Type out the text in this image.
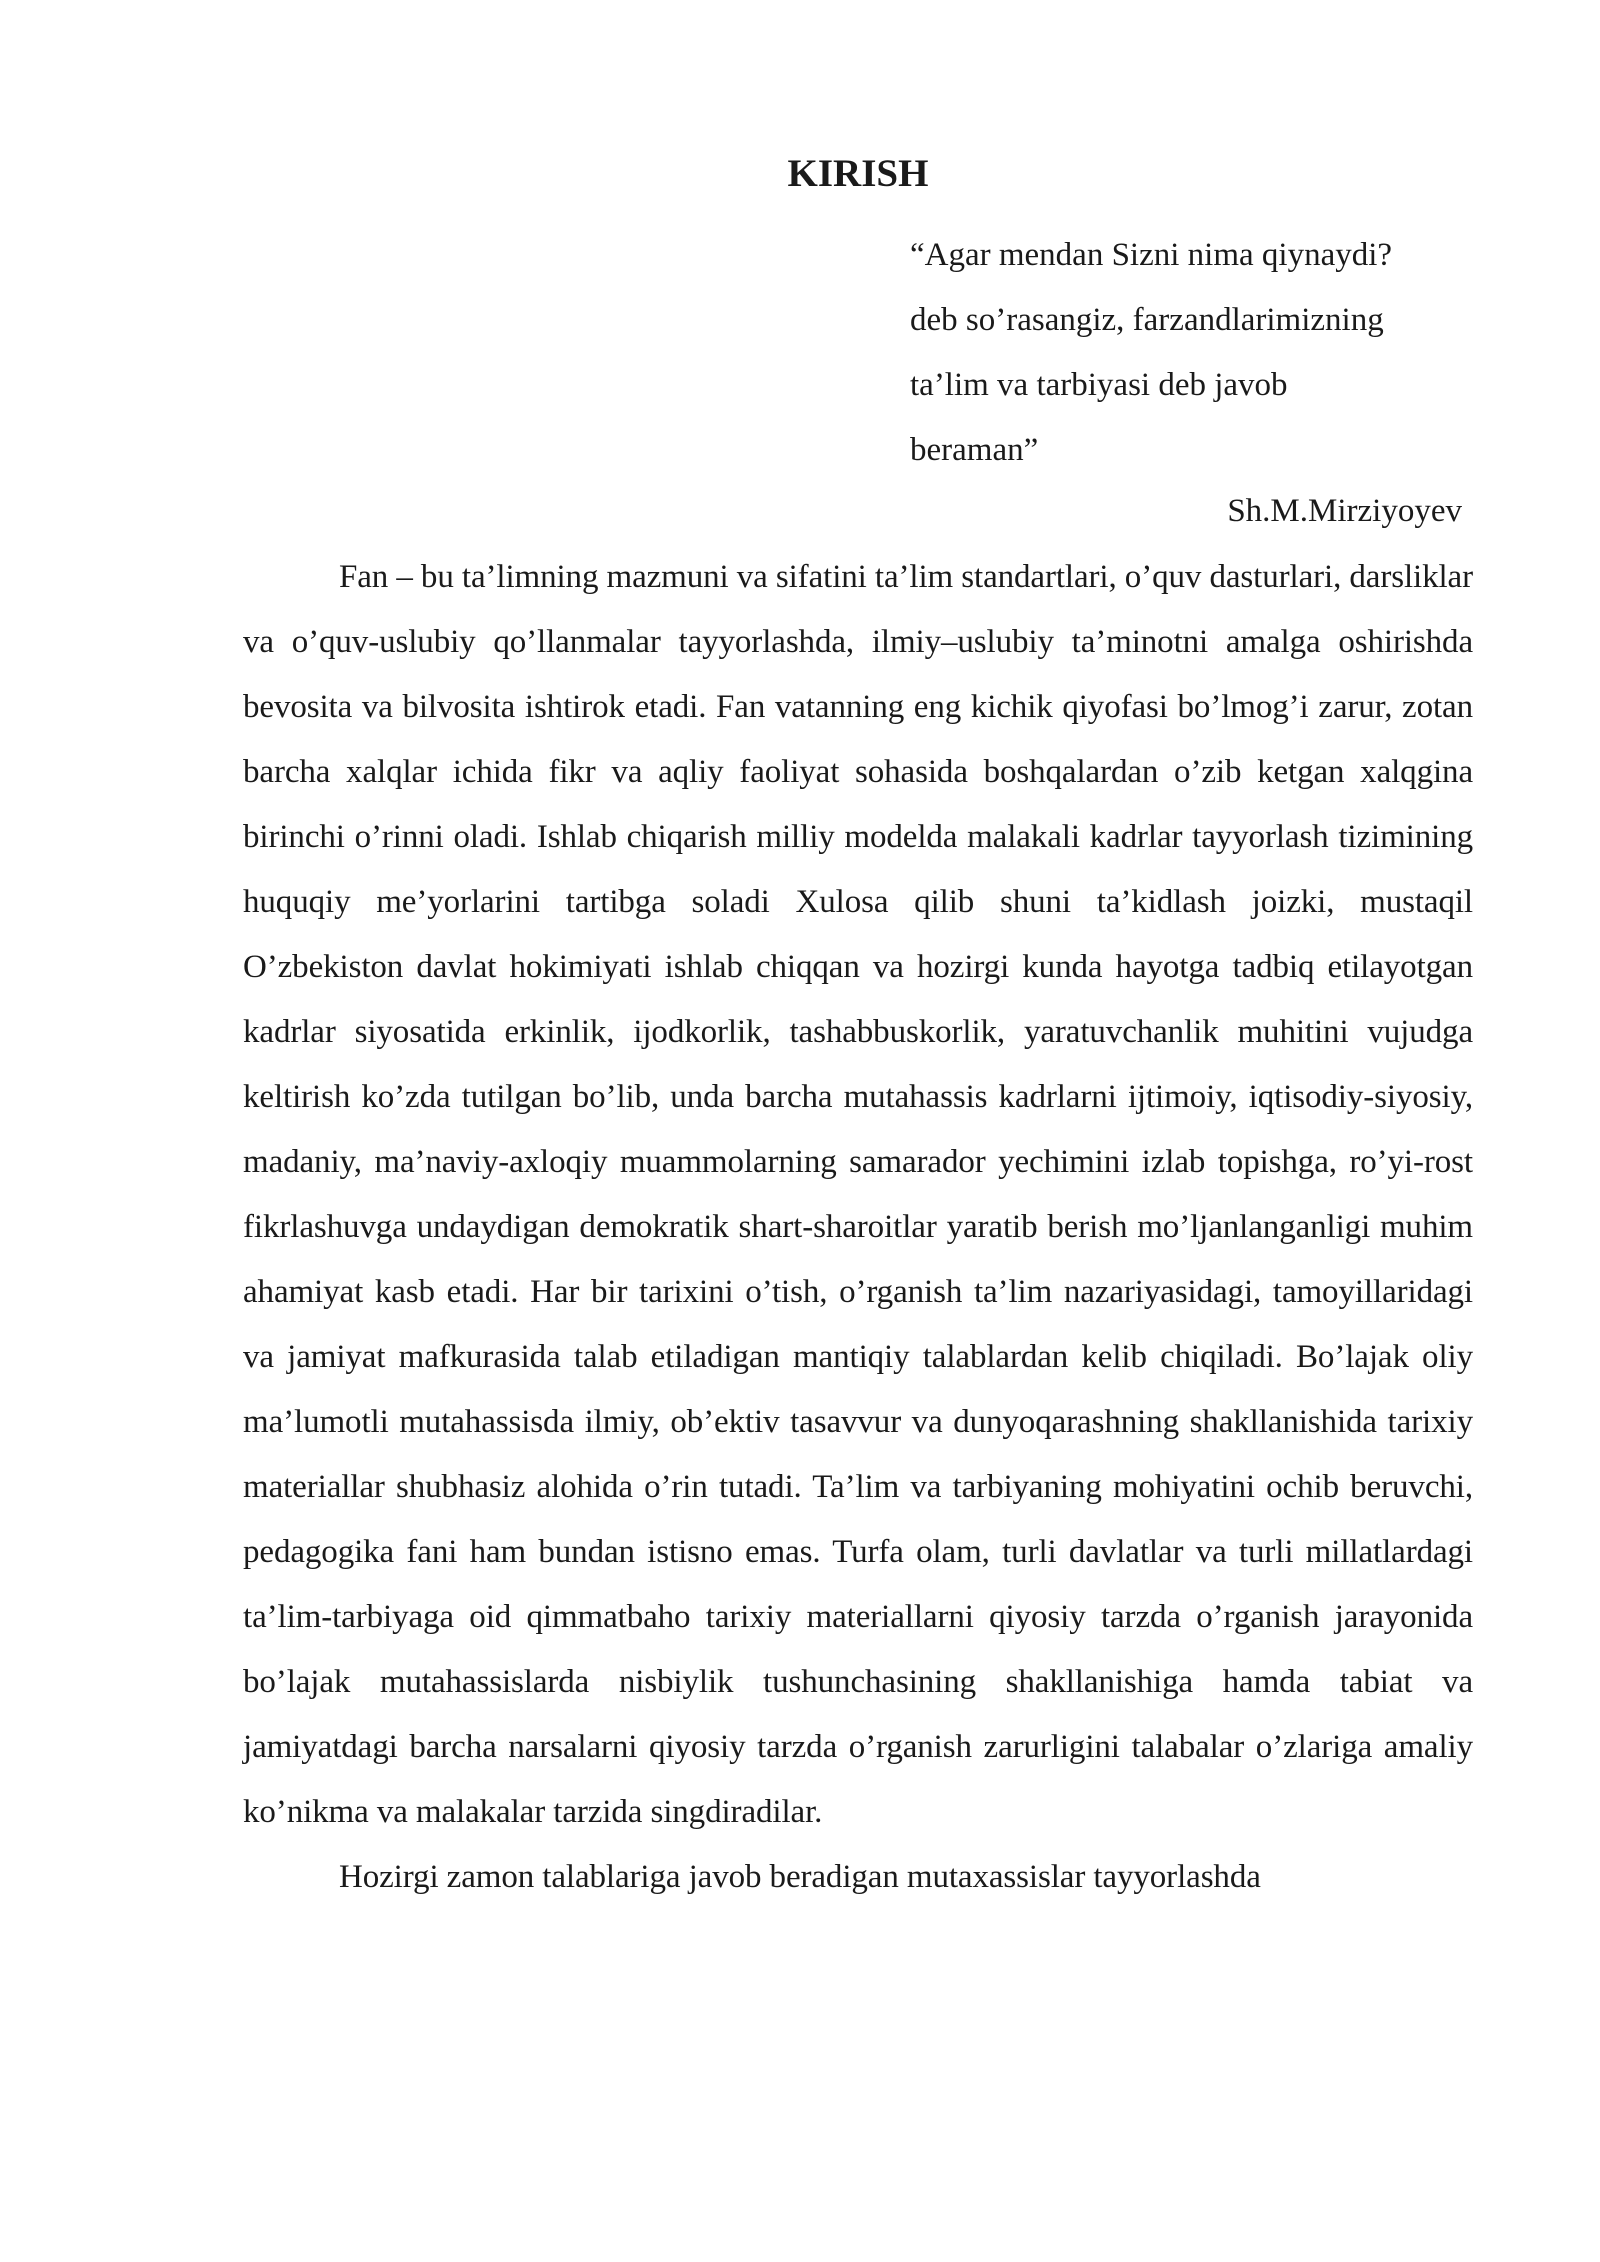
KIRISH

“Agar mendan Sizni nima qiynaydi?

deb so’rasangiz, farzandlarimizning

ta’lim va tarbiyasi deb javob

beraman”

Sh.M.Mirziyoyev

Fan – bu ta’limning mazmuni va sifatini ta’lim standartlari, o’quv dasturlari, darsliklar va o’quv-uslubiy qo’llanmalar tayyorlashda, ilmiy–uslubiy ta’minotni amalga oshirishda bevosita va bilvosita ishtirok etadi. Fan vatanning eng kichik qiyofasi bo’lmog’i zarur, zotan barcha xalqlar ichida fikr va aqliy faoliyat sohasida boshqalardan o’zib ketgan xalqgina birinchi o’rinni oladi. Ishlab chiqarish milliy modelda malakali kadrlar tayyorlash tizimining huquqiy me’yorlarini tartibga soladi Xulosa qilib shuni ta’kidlash joizki, mustaqil O’zbekiston davlat hokimiyati ishlab chiqqan va hozirgi kunda hayotga tadbiq etilayotgan kadrlar siyosatida erkinlik, ijodkorlik, tashabbuskorlik, yaratuvchanlik muhitini vujudga keltirish ko’zda tutilgan bo’lib, unda barcha mutahassis kadrlarni ijtimoiy, iqtisodiy-siyosiy, madaniy, ma’naviy-axloqiy muammolarning samarador yechimini izlab topishga, ro’yi-rost fikrlashuvga undaydigan demokratik shart-sharoitlar yaratib berish mo’ljanlanganligi muhim ahamiyat kasb etadi. Har bir tarixini o’tish, o’rganish ta’lim nazariyasidagi, tamoyillaridagi va jamiyat mafkurasida talab etiladigan mantiqiy talablardan kelib chiqiladi. Bo’lajak oliy ma’lumotli mutahassisda ilmiy, ob’ektiv tasavvur va dunyoqarashning shakllanishida tarixiy materiallar shubhasiz alohida o’rin tutadi. Ta’lim va tarbiyaning mohiyatini ochib beruvchi, pedagogika fani ham bundan istisno emas. Turfa olam, turli davlatlar va turli millatlardagi ta’lim-tarbiyaga oid qimmatbaho tarixiy materiallarni qiyosiy tarzda o’rganish jarayonida bo’lajak mutahassislarda nisbiylik tushunchasining shakllanishiga hamda tabiat va jamiyatdagi barcha narsalarni qiyosiy tarzda o’rganish zarurligini talabalar o’zlariga amaliy ko’nikma va malakalar tarzida singdiradilar.

Hozirgi zamon talablariga javob beradigan mutaxassislar tayyorlashda
